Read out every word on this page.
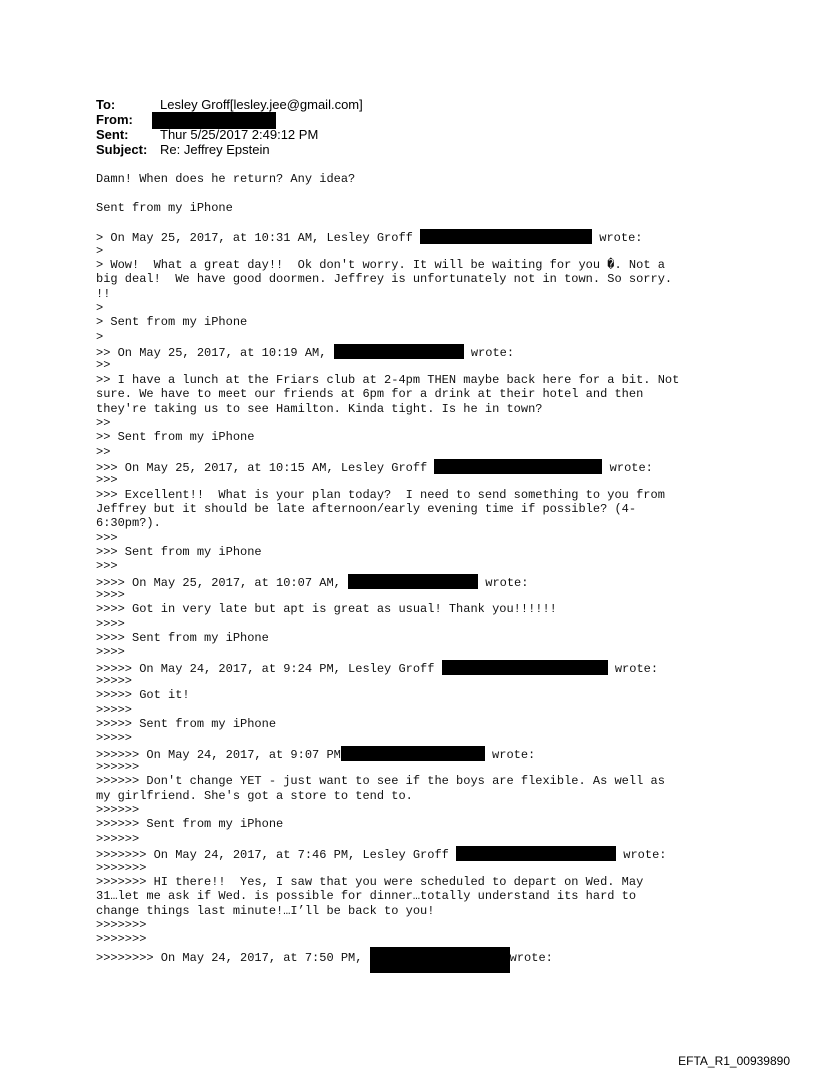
To:	Lesley Groff[lesley.jee@gmail.com]
From:
Sent: Thur 5/25/2017 2:49:12 PM
Subject: Re: Jeffrey Epstein
Damn! When does he return? Any idea?
Sent from my iPhone
> On May 25, 2017, at 10:31 AM, Lesley Groff	wrote:
>
> Wow!  What a great day!!  Ok don't worry. It will be waiting for you �. Not a
big deal!  We have good doormen. Jeffrey is unfortunately not in town. So sorry.
!!
>
> Sent from my iPhone
>
>> On May 25, 2017, at 10:19 AM,	wrote:
>>
>> I have a lunch at the Friars club at 2-4pm THEN maybe back here for a bit. Not
sure. We have to meet our friends at 6pm for a drink at their hotel and then
they're taking us to see Hamilton. Kinda tight. Is he in town?
>>
>> Sent from my iPhone
>>
>>> On May 25, 2017, at 10:15 AM, Lesley Groff	wrote:
>>>
>>> Excellent!!  What is your plan today?  I need to send something to you from
Jeffrey but it should be late afternoon/early evening time if possible? (4-
6:30pm?).
>>>
>>> Sent from my iPhone
>>>
>>>> On May 25, 2017, at 10:07 AM,	wrote:
>>>>
>>>> Got in very late but apt is great as usual! Thank you!!!!!!
>>>>
>>>> Sent from my iPhone
>>>>
>>>>> On May 24, 2017, at 9:24 PM, Lesley Groff	wrote:
>>>>>
>>>>> Got it!
>>>>>
>>>>> Sent from my iPhone
>>>>>
>>>>>> On May 24, 2017, at 9:07 PM	wrote:
>>>>>>
>>>>>> Don't change YET - just want to see if the boys are flexible. As well as
my girlfriend. She's got a store to tend to.
>>>>>>
>>>>>> Sent from my iPhone
>>>>>>
>>>>>>> On May 24, 2017, at 7:46 PM, Lesley Groff	wrote:
>>>>>>>
>>>>>>> HI there!!  Yes, I saw that you were scheduled to depart on Wed. May
31…let me ask if Wed. is possible for dinner…totally understand its hard to
change things last minute!…I’ll be back to you!
>>>>>>>
>>>>>>>
>>>>>>>> On May 24, 2017, at 7:50 PM,	wrote:
EFTA_R1_00939890
